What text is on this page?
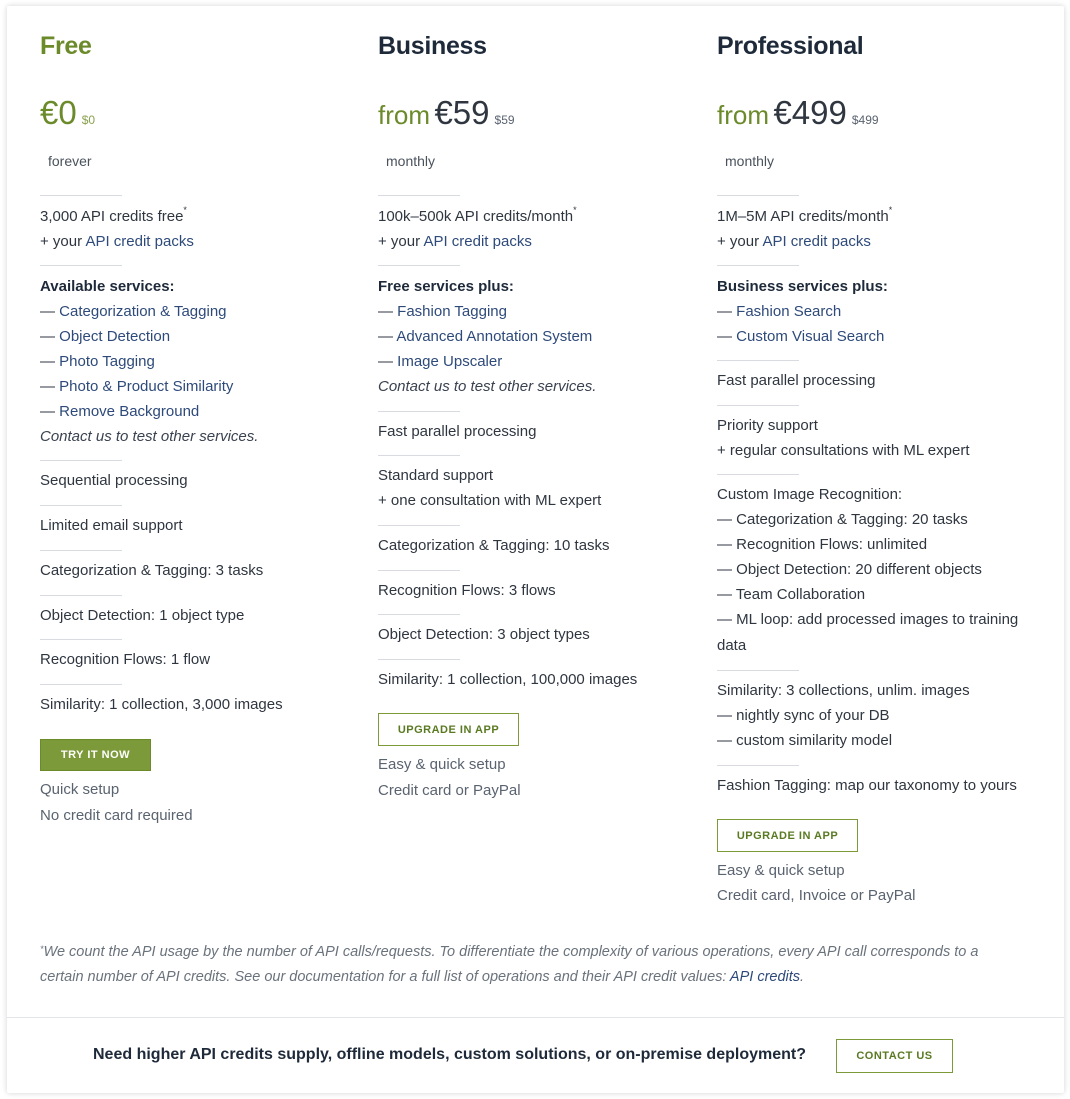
Free
€0 $0
forever
3,000 API credits free*
+ your API credit packs
Available services:
— Categorization & Tagging
— Object Detection
— Photo Tagging
— Photo & Product Similarity
— Remove Background
Contact us to test other services.
Sequential processing
Limited email support
Categorization & Tagging: 3 tasks
Object Detection: 1 object type
Recognition Flows: 1 flow
Similarity: 1 collection, 3,000 images
TRY IT NOW
Quick setup
No credit card required
Business
from €59 $59
monthly
100k–500k API credits/month*
+ your API credit packs
Free services plus:
— Fashion Tagging
— Advanced Annotation System
— Image Upscaler
Contact us to test other services.
Fast parallel processing
Standard support
+ one consultation with ML expert
Categorization & Tagging: 10 tasks
Recognition Flows: 3 flows
Object Detection: 3 object types
Similarity: 1 collection, 100,000 images
UPGRADE IN APP
Easy & quick setup
Credit card or PayPal
Professional
from €499 $499
monthly
1M–5M API credits/month*
+ your API credit packs
Business services plus:
— Fashion Search
— Custom Visual Search
Fast parallel processing
Priority support
+ regular consultations with ML expert
Custom Image Recognition:
— Categorization & Tagging: 20 tasks
— Recognition Flows: unlimited
— Object Detection: 20 different objects
— Team Collaboration
— ML loop: add processed images to training
data
Similarity: 3 collections, unlim. images
— nightly sync of your DB
— custom similarity model
Fashion Tagging: map our taxonomy to yours
UPGRADE IN APP
Easy & quick setup
Credit card, Invoice or PayPal
*We count the API usage by the number of API calls/requests. To differentiate the complexity of various operations, every API call corresponds to a
certain number of API credits. See our documentation for a full list of operations and their API credit values: API credits.
Need higher API credits supply, offline models, custom solutions, or on-premise deployment?	CONTACT US
